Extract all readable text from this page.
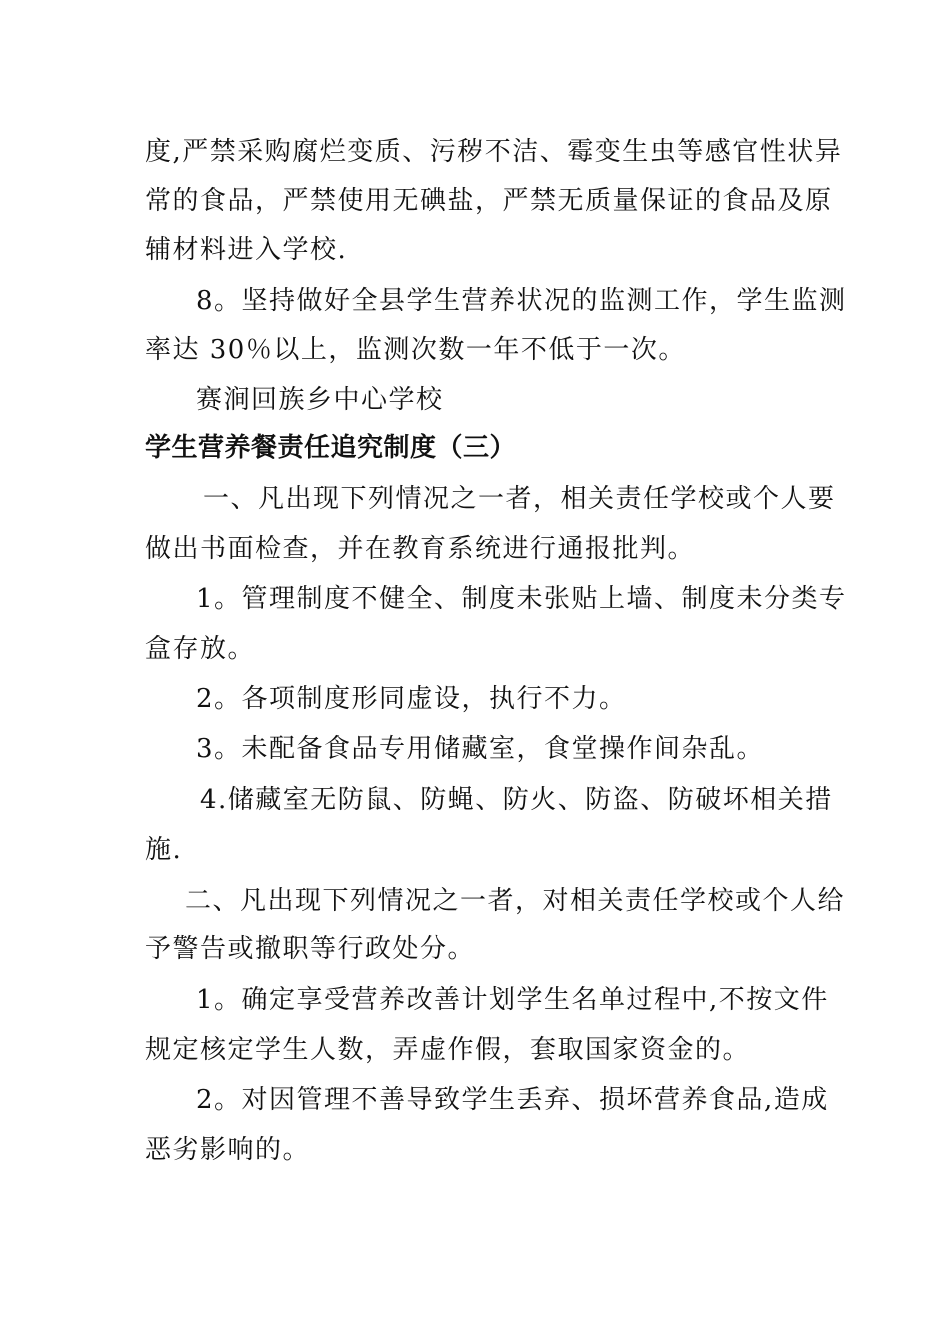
度,严禁采购腐烂变质、污秽不洁、霉变生虫等感官性状异
常的食品，严禁使用无碘盐，严禁无质量保证的食品及原
辅材料进入学校.
8。坚持做好全县学生营养状况的监测工作，学生监测
率达 30％以上，监测次数一年不低于一次。
赛涧回族乡中心学校
学生营养餐责任追究制度（三）
一、凡出现下列情况之一者，相关责任学校或个人要
做出书面检查，并在教育系统进行通报批判。
1。管理制度不健全、制度未张贴上墙、制度未分类专
盒存放。
2。各项制度形同虚设，执行不力。
3。未配备食品专用储藏室，食堂操作间杂乱。
4.储藏室无防鼠、防蝇、防火、防盗、防破坏相关措
施.
二、凡出现下列情况之一者，对相关责任学校或个人给
予警告或撤职等行政处分。
1。确定享受营养改善计划学生名单过程中,不按文件
规定核定学生人数，弄虚作假，套取国家资金的。
2。对因管理不善导致学生丢弃、损坏营养食品,造成
恶劣影响的。
